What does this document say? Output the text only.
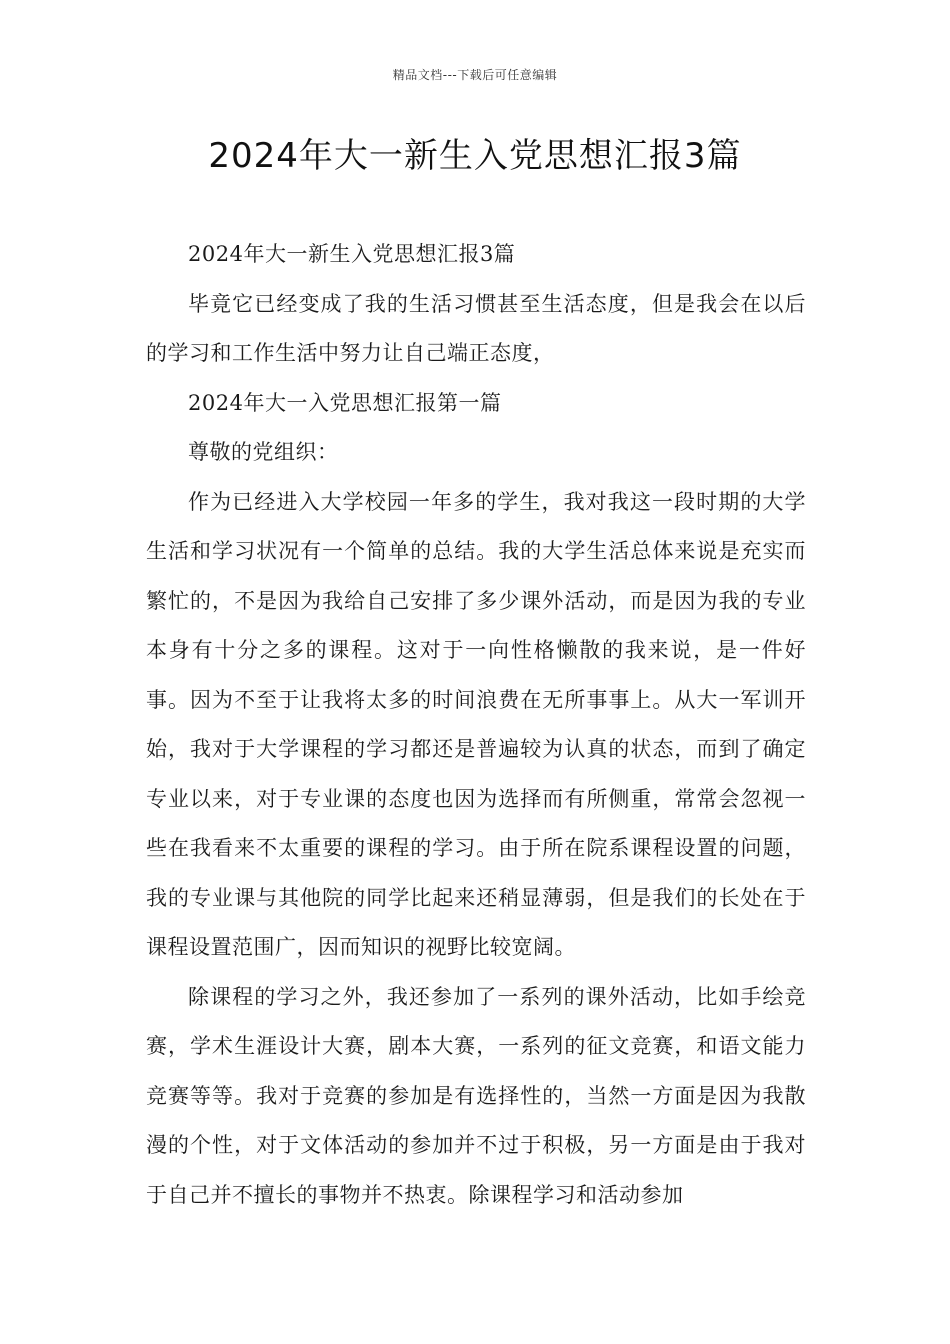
精品文档---下载后可任意编辑
2024年大一新生入党思想汇报3篇

2024年大一新生入党思想汇报3篇

毕竟它已经变成了我的生活习惯甚至生活态度，但是我会在以后的学习和工作生活中努力让自己端正态度，

2024年大一入党思想汇报第一篇

尊敬的党组织：

作为已经进入大学校园一年多的学生，我对我这一段时期的大学生活和学习状况有一个简单的总结。我的大学生活总体来说是充实而繁忙的，不是因为我给自己安排了多少课外活动，而是因为我的专业本身有十分之多的课程。这对于一向性格懒散的我来说，是一件好事。因为不至于让我将太多的时间浪费在无所事事上。从大一军训开始，我对于大学课程的学习都还是普遍较为认真的状态，而到了确定专业以来，对于专业课的态度也因为选择而有所侧重，常常会忽视一些在我看来不太重要的课程的学习。由于所在院系课程设置的问题，我的专业课与其他院的同学比起来还稍显薄弱，但是我们的长处在于课程设置范围广，因而知识的视野比较宽阔。

除课程的学习之外，我还参加了一系列的课外活动，比如手绘竞赛，学术生涯设计大赛，剧本大赛，一系列的征文竞赛，和语文能力竞赛等等。我对于竞赛的参加是有选择性的，当然一方面是因为我散漫的个性，对于文体活动的参加并不过于积极，另一方面是由于我对于自己并不擅长的事物并不热衷。除课程学习和活动参加
